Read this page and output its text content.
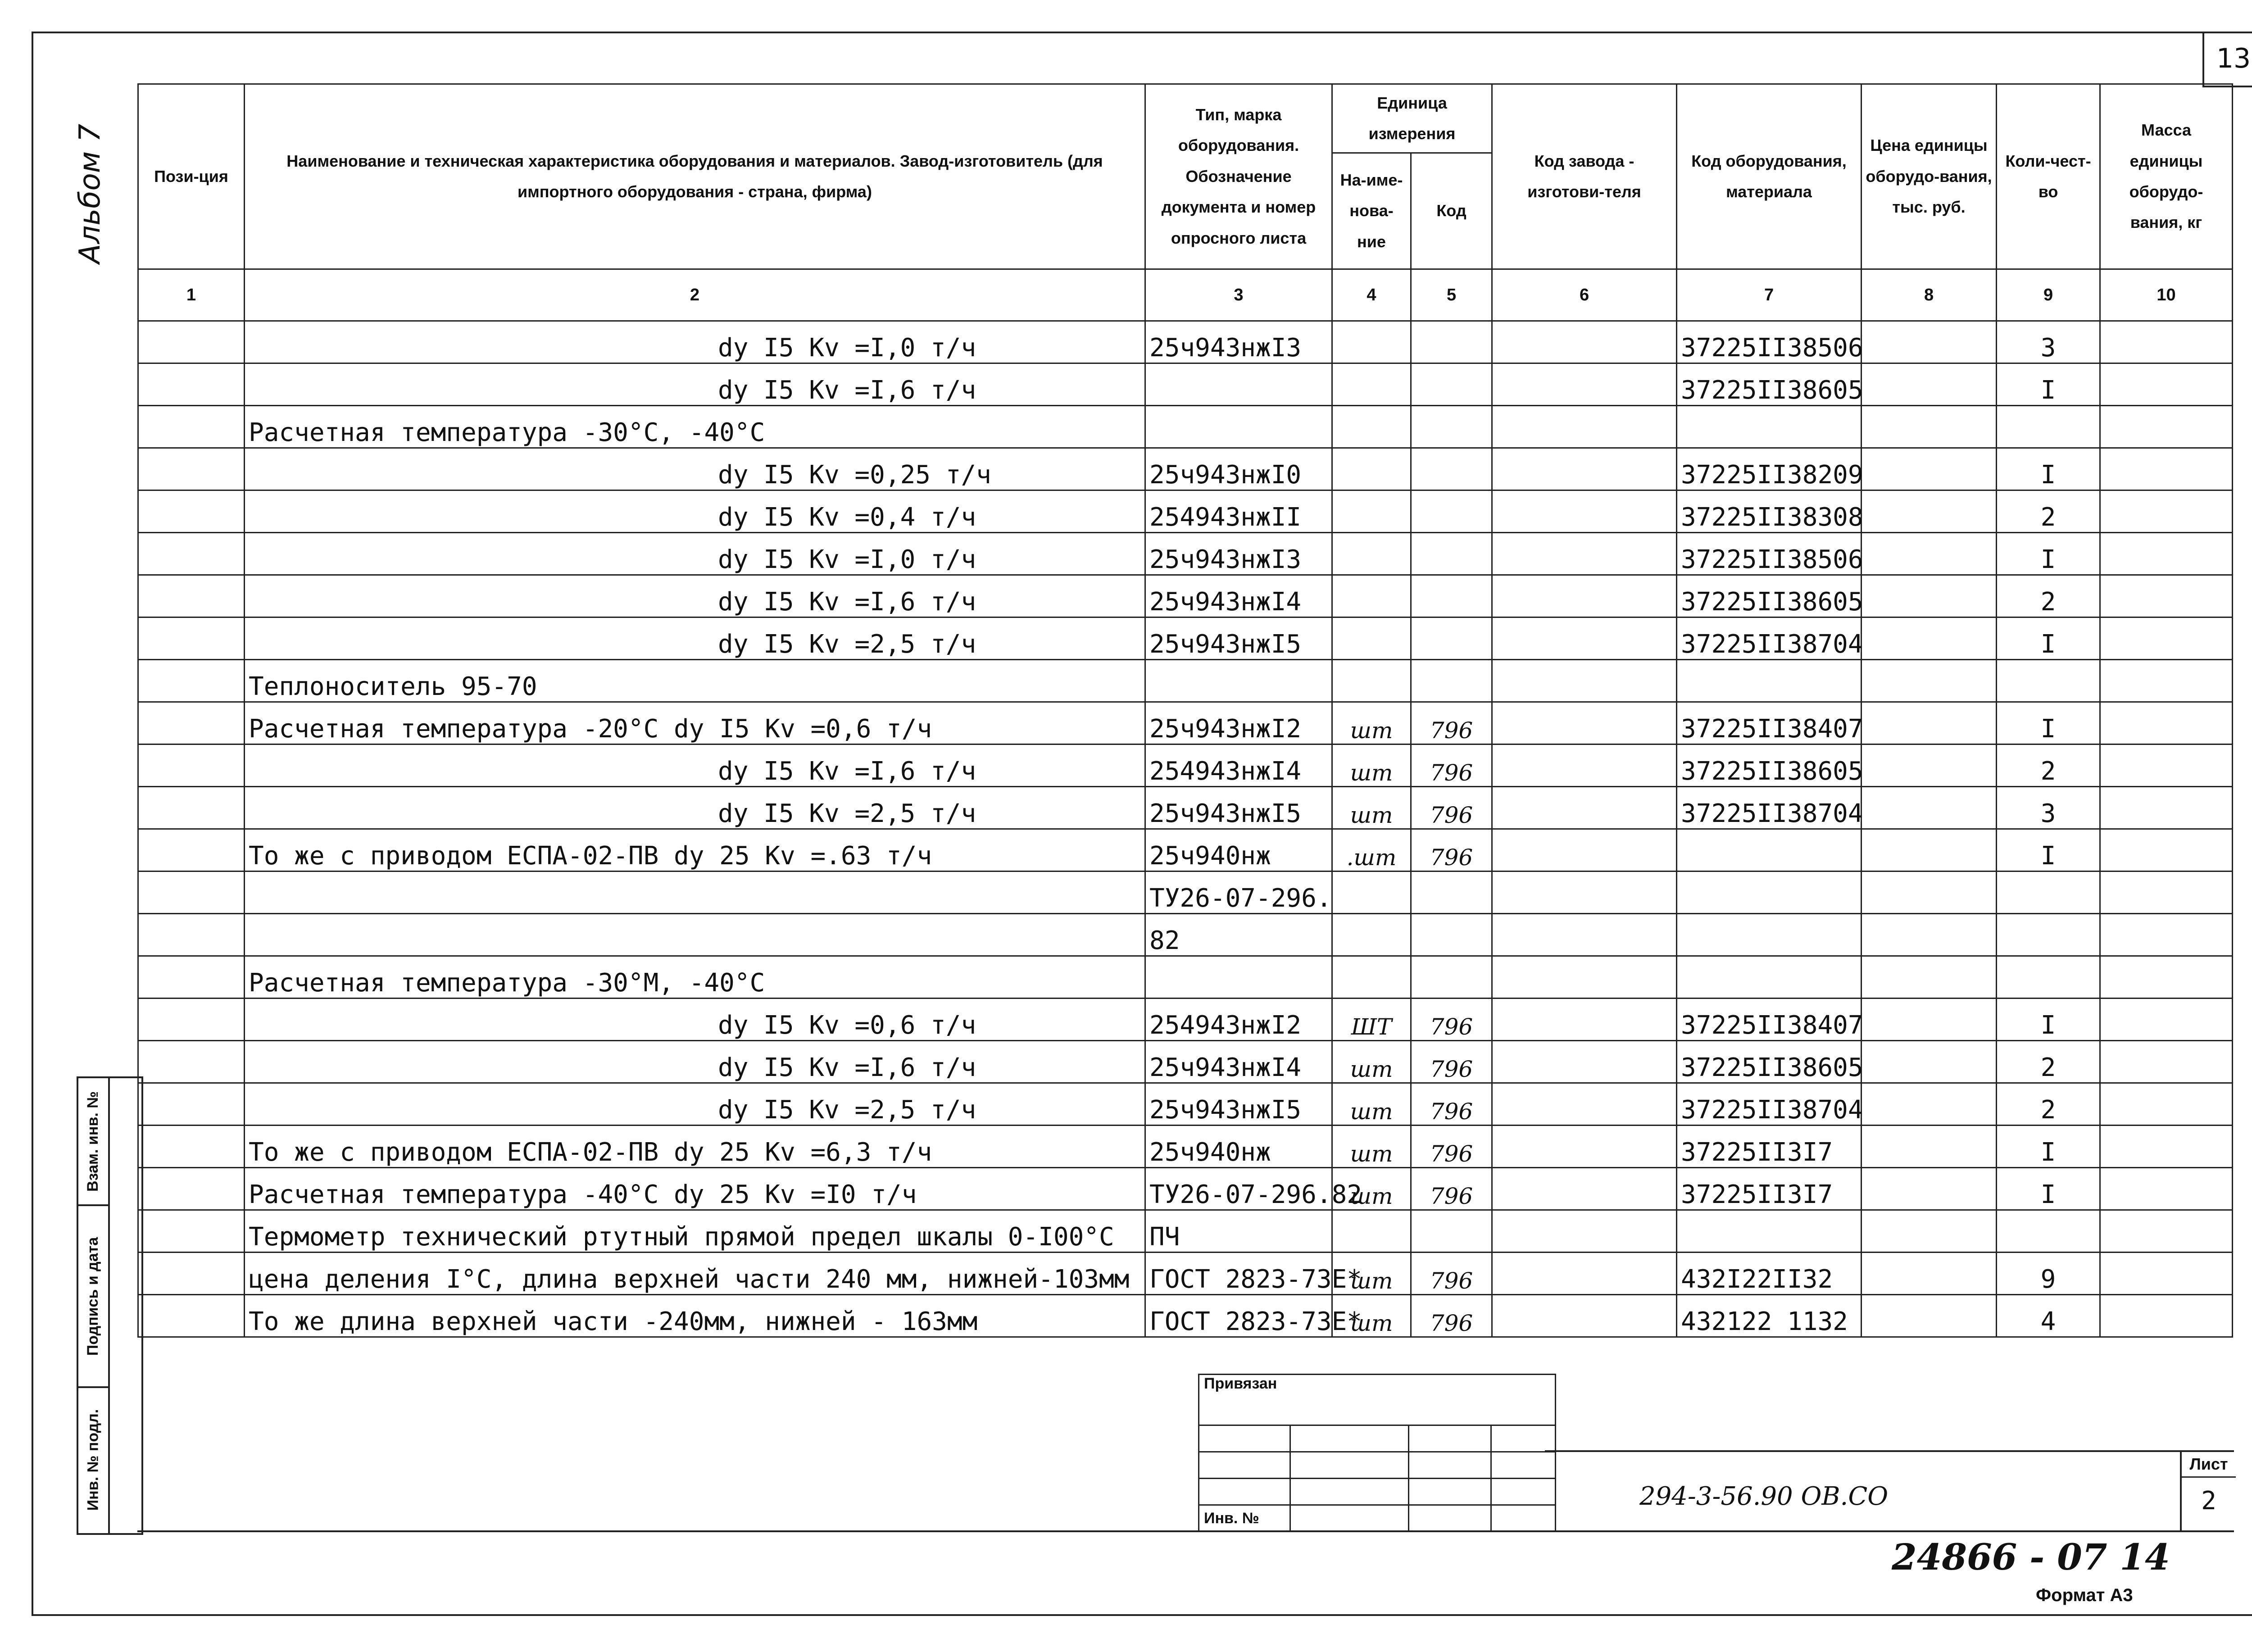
13
Альбом 7
Взам. инв. №
Подпись и дата
Инв. № подл.
Пози-ция	Наименование и техническая характеристика оборудования и материалов. Завод-изготовитель (для импортного оборудования - страна, фирма)	Тип, марка оборудования. Обозначение документа и номер опросного листа	Единица измерения		Код завода - изготови-теля	Код оборудования, материала	Цена единицы оборудо-вания, тыс. руб.	Коли-чест-во	Масса единицы оборудо-вания, кг
			На-име-нова-ние	Код					
1	2	3	4	5	6	7	8	9	10
	dy I5 Kv =I,0 т/ч	25ч943нжI3				37225II38506		3	
	dy I5 Kv =I,6 т/ч					37225II38605		I	
	Расчетная температура -30°С, -40°С								
	dy I5 Kv =0,25 т/ч	25ч943нжI0				37225II38209		I	
	dy I5 Kv =0,4 т/ч	254943нжII				37225II38308		2	
	dy I5 Kv =I,0 т/ч	25ч943нжI3				37225II38506		I	
	dy I5 Kv =I,6 т/ч	25ч943нжI4				37225II38605		2	
	dy I5 Kv =2,5 т/ч	25ч943нжI5				37225II38704		I	
	Теплоноситель 95-70								
	Расчетная температура -20°С dy I5 Kv =0,6 т/ч	25ч943нжI2	шт	796		37225II38407		I	
	dy I5 Kv =I,6 т/ч	254943нжI4	шт	796		37225II38605		2	
	dy I5 Kv =2,5 т/ч	25ч943нжI5	шт	796		37225II38704		3	
	То же с приводом ЕСПА-02-ПВ dy 25 Kv =.63 т/ч	25ч940нж	.шт	796				I	
		ТУ26-07-296.							
		82							
	Расчетная температура -30°М, -40°С								
	dy I5 Kv =0,6 т/ч	254943нжI2	ШТ	796		37225II38407		I	
	dy I5 Kv =I,6 т/ч	25ч943нжI4	шт	796		37225II38605		2	
	dy I5 Kv =2,5 т/ч	25ч943нжI5	шт	796		37225II38704		2	
	То же с приводом ЕСПА-02-ПВ dy 25 Kv =6,3 т/ч	25ч940нж	шт	796		37225II3I7		I	
	Расчетная температура -40°С dy 25 Kv =I0 т/ч	ТУ26-07-296.82	шт	796		37225II3I7		I	
	Термометр технический ртутный прямой предел шкалы 0-I00°С	ПЧ							
	цена деления I°С, длина верхней части 240 мм, нижней-103мм	ГОСТ 2823-73Е*	шт	796		432I22II32		9	
	То же длина верхней части -240мм, нижней - 163мм	ГОСТ 2823-73Е*	шт	796		432122 1132		4	
Привязан			

Инв. №			
294-3-56.90 ОВ.СО
Лист
2
24866 - 07 14
Формат А3
